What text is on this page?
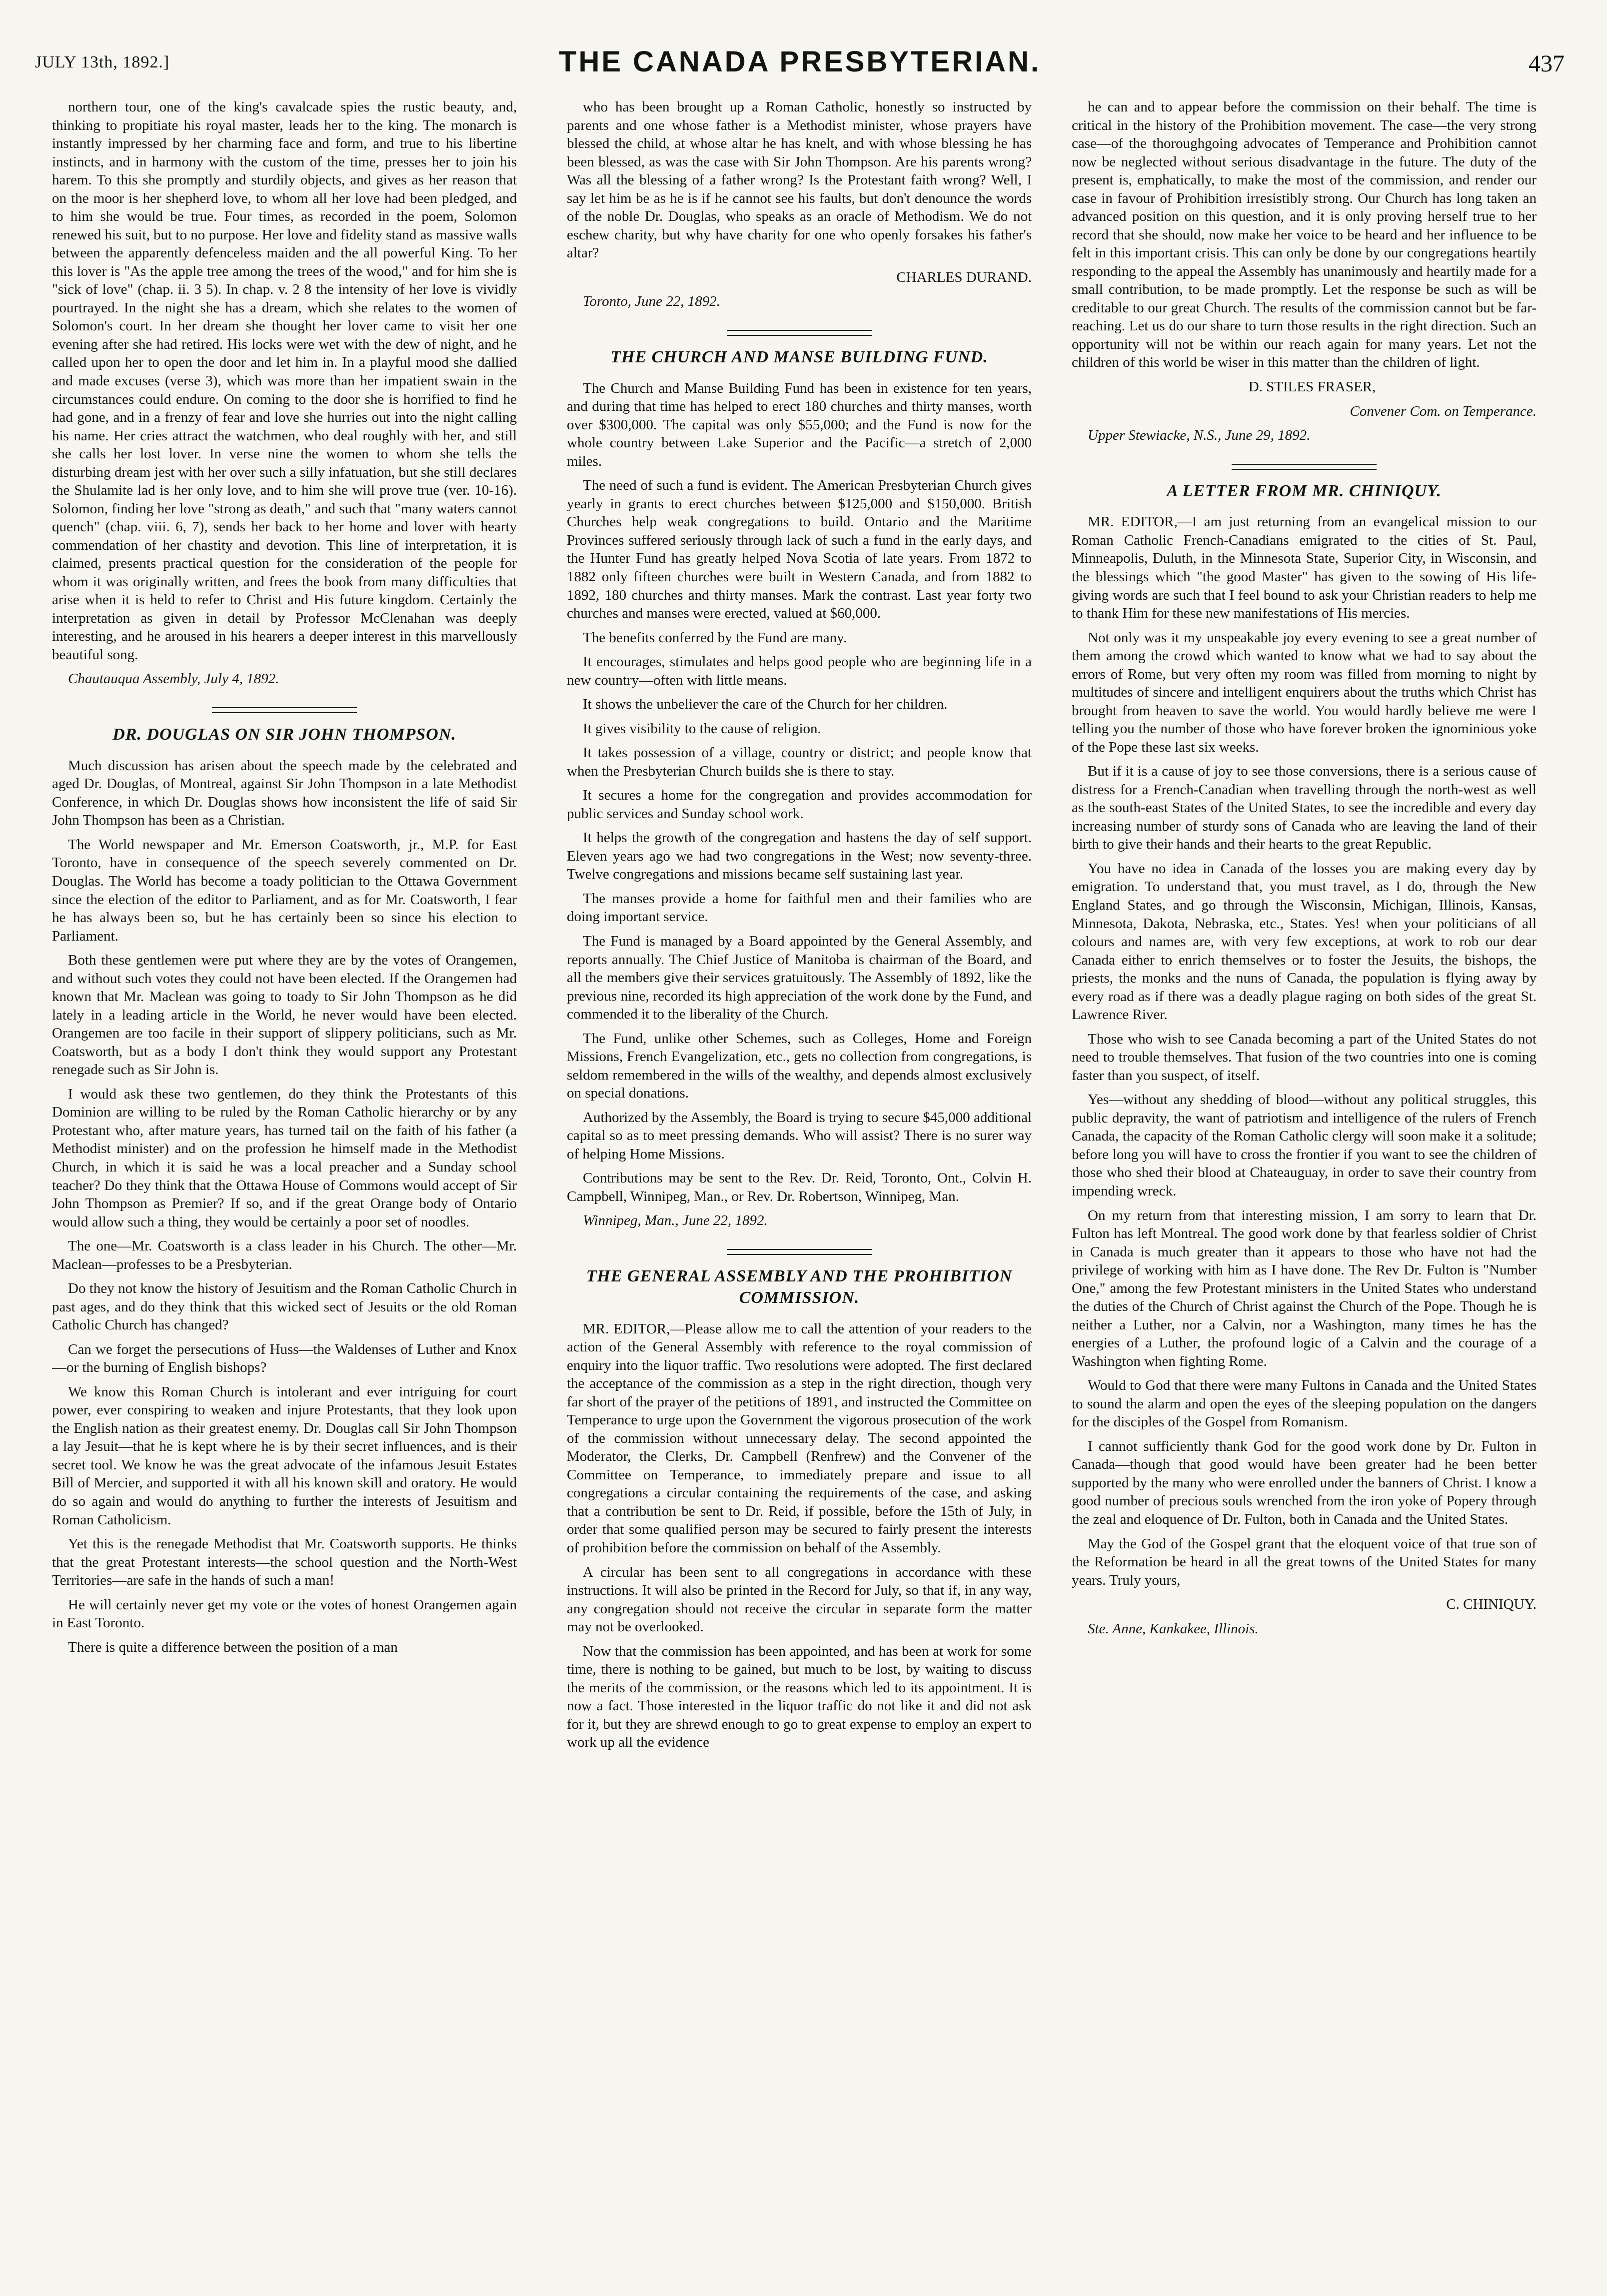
JULY 13th, 1892.]	THE CANADA PRESBYTERIAN.	437

northern tour, one of the king's cavalcade spies the rustic beauty, and, thinking to propitiate his royal master, leads her to the king. The monarch is instantly impressed by her charming face and form, and true to his libertine instincts, and in harmony with the custom of the time, presses her to join his harem. To this she promptly and sturdily objects, and gives as her reason that on the moor is her shepherd love, to whom all her love had been pledged, and to him she would be true. Four times, as recorded in the poem, Solomon renewed his suit, but to no purpose. Her love and fidelity stand as massive walls between the apparently defenceless maiden and the all powerful King. To her this lover is "As the apple tree among the trees of the wood," and for him she is "sick of love" (chap. ii. 3 5). In chap. v. 2 8 the intensity of her love is vividly pourtrayed. In the night she has a dream, which she relates to the women of Solomon's court. In her dream she thought her lover came to visit her one evening after she had retired. His locks were wet with the dew of night, and he called upon her to open the door and let him in. In a playful mood she dallied and made excuses (verse 3), which was more than her impatient swain in the circumstances could endure. On coming to the door she is horrified to find he had gone, and in a frenzy of fear and love she hurries out into the night calling his name. Her cries attract the watchmen, who deal roughly with her, and still she calls her lost lover. In verse nine the women to whom she tells the disturbing dream jest with her over such a silly infatuation, but she still declares the Shulamite lad is her only love, and to him she will prove true (ver. 10-16). Solomon, finding her love "strong as death," and such that "many waters cannot quench" (chap. viii. 6, 7), sends her back to her home and lover with hearty commendation of her chastity and devotion. This line of interpretation, it is claimed, presents practical question for the consideration of the people for whom it was originally written, and frees the book from many difficulties that arise when it is held to refer to Christ and His future kingdom. Certainly the interpretation as given in detail by Professor McClenahan was deeply interesting, and he aroused in his hearers a deeper interest in this marvellously beautiful song.

Chautauqua Assembly, July 4, 1892.

DR. DOUGLAS ON SIR JOHN THOMPSON.

Much discussion has arisen about the speech made by the celebrated and aged Dr. Douglas, of Montreal, against Sir John Thompson in a late Methodist Conference, in which Dr. Douglas shows how inconsistent the life of said Sir John Thompson has been as a Christian.

The World newspaper and Mr. Emerson Coatsworth, jr., M.P. for East Toronto, have in consequence of the speech severely commented on Dr. Douglas. The World has become a toady politician to the Ottawa Government since the election of the editor to Parliament, and as for Mr. Coatsworth, I fear he has always been so, but he has certainly been so since his election to Parliament.

Both these gentlemen were put where they are by the votes of Orangemen, and without such votes they could not have been elected. If the Orangemen had known that Mr. Maclean was going to toady to Sir John Thompson as he did lately in a leading article in the World, he never would have been elected. Orangemen are too facile in their support of slippery politicians, such as Mr. Coatsworth, but as a body I don't think they would support any Protestant renegade such as Sir John is.

I would ask these two gentlemen, do they think the Protestants of this Dominion are willing to be ruled by the Roman Catholic hierarchy or by any Protestant who, after mature years, has turned tail on the faith of his father (a Methodist minister) and on the profession he himself made in the Methodist Church, in which it is said he was a local preacher and a Sunday school teacher? Do they think that the Ottawa House of Commons would accept of Sir John Thompson as Premier? If so, and if the great Orange body of Ontario would allow such a thing, they would be certainly a poor set of noodles.

The one—Mr. Coatsworth is a class leader in his Church. The other—Mr. Maclean—professes to be a Presbyterian.

Do they not know the history of Jesuitism and the Roman Catholic Church in past ages, and do they think that this wicked sect of Jesuits or the old Roman Catholic Church has changed?

Can we forget the persecutions of Huss—the Waldenses of Luther and Knox—or the burning of English bishops?

We know this Roman Church is intolerant and ever intriguing for court power, ever conspiring to weaken and injure Protestants, that they look upon the English nation as their greatest enemy. Dr. Douglas call Sir John Thompson a lay Jesuit—that he is kept where he is by their secret influences, and is their secret tool. We know he was the great advocate of the infamous Jesuit Estates Bill of Mercier, and supported it with all his known skill and oratory. He would do so again and would do anything to further the interests of Jesuitism and Roman Catholicism.

Yet this is the renegade Methodist that Mr. Coatsworth supports. He thinks that the great Protestant interests—the school question and the North-West Territories—are safe in the hands of such a man!

He will certainly never get my vote or the votes of honest Orangemen again in East Toronto.

There is quite a difference between the position of a man

who has been brought up a Roman Catholic, honestly so instructed by parents and one whose father is a Methodist minister, whose prayers have blessed the child, at whose altar he has knelt, and with whose blessing he has been blessed, as was the case with Sir John Thompson. Are his parents wrong? Was all the blessing of a father wrong? Is the Protestant faith wrong? Well, I say let him be as he is if he cannot see his faults, but don't denounce the words of the noble Dr. Douglas, who speaks as an oracle of Methodism. We do not eschew charity, but why have charity for one who openly forsakes his father's altar?

CHARLES DURAND.

Toronto, June 22, 1892.

THE CHURCH AND MANSE BUILDING FUND.

The Church and Manse Building Fund has been in existence for ten years, and during that time has helped to erect 180 churches and thirty manses, worth over $300,000. The capital was only $55,000; and the Fund is now for the whole country between Lake Superior and the Pacific—a stretch of 2,000 miles.

The need of such a fund is evident. The American Presbyterian Church gives yearly in grants to erect churches between $125,000 and $150,000. British Churches help weak congregations to build. Ontario and the Maritime Provinces suffered seriously through lack of such a fund in the early days, and the Hunter Fund has greatly helped Nova Scotia of late years. From 1872 to 1882 only fifteen churches were built in Western Canada, and from 1882 to 1892, 180 churches and thirty manses. Mark the contrast. Last year forty two churches and manses were erected, valued at $60,000.

The benefits conferred by the Fund are many.

It encourages, stimulates and helps good people who are beginning life in a new country—often with little means.

It shows the unbeliever the care of the Church for her children.

It gives visibility to the cause of religion.

It takes possession of a village, country or district; and people know that when the Presbyterian Church builds she is there to stay.

It secures a home for the congregation and provides accommodation for public services and Sunday school work.

It helps the growth of the congregation and hastens the day of self support. Eleven years ago we had two congregations in the West; now seventy-three. Twelve congregations and missions became self sustaining last year.

The manses provide a home for faithful men and their families who are doing important service.

The Fund is managed by a Board appointed by the General Assembly, and reports annually. The Chief Justice of Manitoba is chairman of the Board, and all the members give their services gratuitously. The Assembly of 1892, like the previous nine, recorded its high appreciation of the work done by the Fund, and commended it to the liberality of the Church.

The Fund, unlike other Schemes, such as Colleges, Home and Foreign Missions, French Evangelization, etc., gets no collection from congregations, is seldom remembered in the wills of the wealthy, and depends almost exclusively on special donations.

Authorized by the Assembly, the Board is trying to secure $45,000 additional capital so as to meet pressing demands. Who will assist? There is no surer way of helping Home Missions.

Contributions may be sent to the Rev. Dr. Reid, Toronto, Ont., Colvin H. Campbell, Winnipeg, Man., or Rev. Dr. Robertson, Winnipeg, Man.

Winnipeg, Man., June 22, 1892.

THE GENERAL ASSEMBLY AND THE PROHIBITION COMMISSION.

MR. EDITOR,—Please allow me to call the attention of your readers to the action of the General Assembly with reference to the royal commission of enquiry into the liquor traffic. Two resolutions were adopted. The first declared the acceptance of the commission as a step in the right direction, though very far short of the prayer of the petitions of 1891, and instructed the Committee on Temperance to urge upon the Government the vigorous prosecution of the work of the commission without unnecessary delay. The second appointed the Moderator, the Clerks, Dr. Campbell (Renfrew) and the Convener of the Committee on Temperance, to immediately prepare and issue to all congregations a circular containing the requirements of the case, and asking that a contribution be sent to Dr. Reid, if possible, before the 15th of July, in order that some qualified person may be secured to fairly present the interests of prohibition before the commission on behalf of the Assembly.

A circular has been sent to all congregations in accordance with these instructions. It will also be printed in the Record for July, so that if, in any way, any congregation should not receive the circular in separate form the matter may not be overlooked.

Now that the commission has been appointed, and has been at work for some time, there is nothing to be gained, but much to be lost, by waiting to discuss the merits of the commission, or the reasons which led to its appointment. It is now a fact. Those interested in the liquor traffic do not like it and did not ask for it, but they are shrewd enough to go to great expense to employ an expert to work up all the evidence

he can and to appear before the commission on their behalf. The time is critical in the history of the Prohibition movement. The case—the very strong case—of the thoroughgoing advocates of Temperance and Prohibition cannot now be neglected without serious disadvantage in the future. The duty of the present is, emphatically, to make the most of the commission, and render our case in favour of Prohibition irresistibly strong. Our Church has long taken an advanced position on this question, and it is only proving herself true to her record that she should, now make her voice to be heard and her influence to be felt in this important crisis. This can only be done by our congregations heartily responding to the appeal the Assembly has unanimously and heartily made for a small contribution, to be made promptly. Let the response be such as will be creditable to our great Church. The results of the commission cannot but be far-reaching. Let us do our share to turn those results in the right direction. Such an opportunity will not be within our reach again for many years. Let not the children of this world be wiser in this matter than the children of light.

D. STILES FRASER,

Convener Com. on Temperance.

Upper Stewiacke, N.S., June 29, 1892.

A LETTER FROM MR. CHINIQUY.

MR. EDITOR,—I am just returning from an evangelical mission to our Roman Catholic French-Canadians emigrated to the cities of St. Paul, Minneapolis, Duluth, in the Minnesota State, Superior City, in Wisconsin, and the blessings which "the good Master" has given to the sowing of His life-giving words are such that I feel bound to ask your Christian readers to help me to thank Him for these new manifestations of His mercies.

Not only was it my unspeakable joy every evening to see a great number of them among the crowd which wanted to know what we had to say about the errors of Rome, but very often my room was filled from morning to night by multitudes of sincere and intelligent enquirers about the truths which Christ has brought from heaven to save the world. You would hardly believe me were I telling you the number of those who have forever broken the ignominious yoke of the Pope these last six weeks.

But if it is a cause of joy to see those conversions, there is a serious cause of distress for a French-Canadian when travelling through the north-west as well as the south-east States of the United States, to see the incredible and every day increasing number of sturdy sons of Canada who are leaving the land of their birth to give their hands and their hearts to the great Republic.

You have no idea in Canada of the losses you are making every day by emigration. To understand that, you must travel, as I do, through the New England States, and go through the Wisconsin, Michigan, Illinois, Kansas, Minnesota, Dakota, Nebraska, etc., States. Yes! when your politicians of all colours and names are, with very few exceptions, at work to rob our dear Canada either to enrich themselves or to foster the Jesuits, the bishops, the priests, the monks and the nuns of Canada, the population is flying away by every road as if there was a deadly plague raging on both sides of the great St. Lawrence River.

Those who wish to see Canada becoming a part of the United States do not need to trouble themselves. That fusion of the two countries into one is coming faster than you suspect, of itself.

Yes—without any shedding of blood—without any political struggles, this public depravity, the want of patriotism and intelligence of the rulers of French Canada, the capacity of the Roman Catholic clergy will soon make it a solitude; before long you will have to cross the frontier if you want to see the children of those who shed their blood at Chateauguay, in order to save their country from impending wreck.

On my return from that interesting mission, I am sorry to learn that Dr. Fulton has left Montreal. The good work done by that fearless soldier of Christ in Canada is much greater than it appears to those who have not had the privilege of working with him as I have done. The Rev Dr. Fulton is "Number One," among the few Protestant ministers in the United States who understand the duties of the Church of Christ against the Church of the Pope. Though he is neither a Luther, nor a Calvin, nor a Washington, many times he has the energies of a Luther, the profound logic of a Calvin and the courage of a Washington when fighting Rome.

Would to God that there were many Fultons in Canada and the United States to sound the alarm and open the eyes of the sleeping population on the dangers for the disciples of the Gospel from Romanism.

I cannot sufficiently thank God for the good work done by Dr. Fulton in Canada—though that good would have been greater had he been better supported by the many who were enrolled under the banners of Christ. I know a good number of precious souls wrenched from the iron yoke of Popery through the zeal and eloquence of Dr. Fulton, both in Canada and the United States.

May the God of the Gospel grant that the eloquent voice of that true son of the Reformation be heard in all the great towns of the United States for many years. Truly yours,

C. CHINIQUY.

Ste. Anne, Kankakee, Illinois.
